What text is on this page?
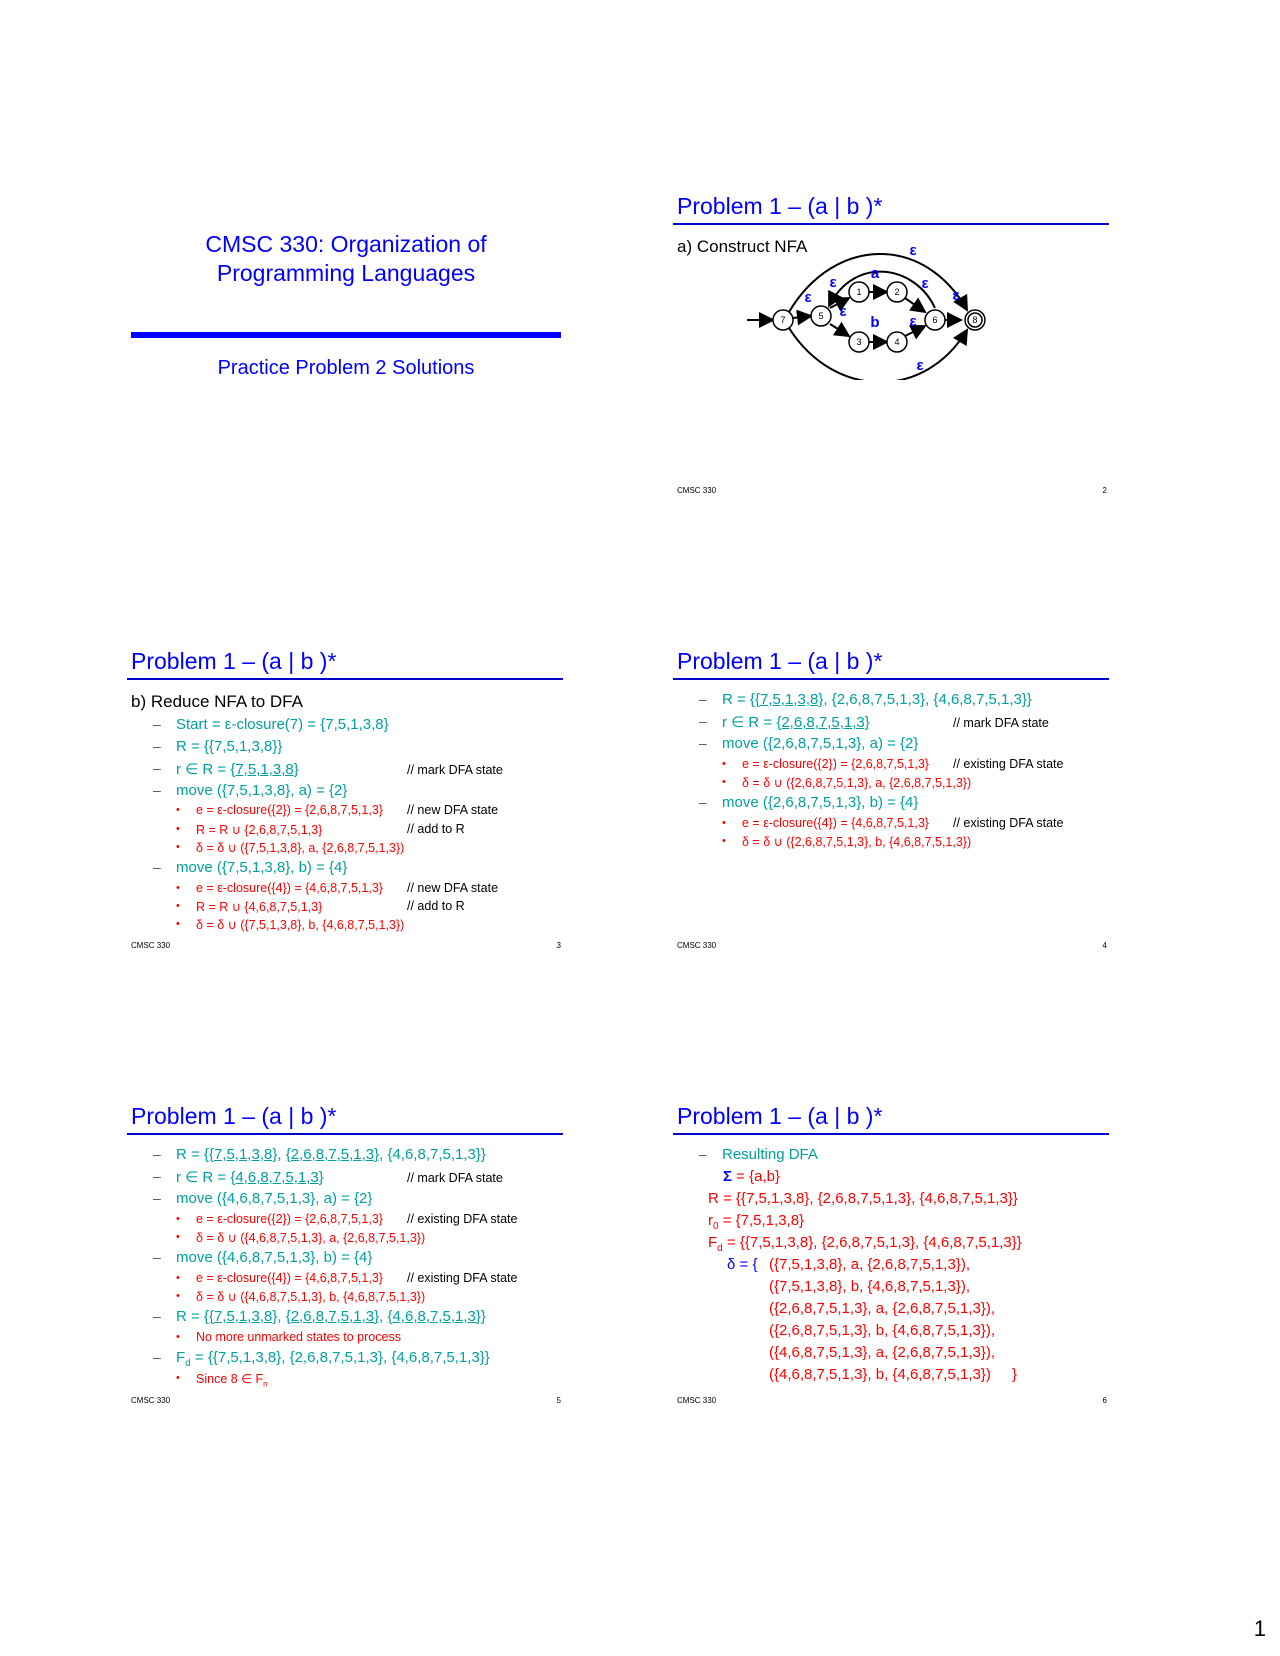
CMSC 330: Organization of
Programming Languages
Practice Problem 2 Solutions
Problem 1 – (a | b )*
a) Construct NFA
7	5
1	2
3	4
6	8
ε
ε
ε
a
ε
ε
ε
b ε
ε
CMSC 330	2
Problem 1 – (a | b )*
b) Reduce NFA to DFA
– Start = ε-closure(7) = {7,5,1,3,8}
– R = {{7,5,1,3,8}}
– r ∈ R = {7,5,1,3,8}	// mark DFA state
– move ({7,5,1,3,8}, a) = {2}
• e = ε-closure({2}) = {2,6,8,7,5,1,3} // new DFA state
• R = R ∪ {2,6,8,7,5,1,3}	// add to R
• δ = δ ∪ ({7,5,1,3,8}, a, {2,6,8,7,5,1,3})
– move ({7,5,1,3,8}, b) = {4}
• e = ε-closure({4}) = {4,6,8,7,5,1,3} // new DFA state
• R = R ∪ {4,6,8,7,5,1,3}	// add to R
• δ = δ ∪ ({7,5,1,3,8}, b, {4,6,8,7,5,1,3})
CMSC 330	3
Problem 1 – (a | b )*
– R = {{7,5,1,3,8}, {2,6,8,7,5,1,3}, {4,6,8,7,5,1,3}}
– r ∈ R = {2,6,8,7,5,1,3}	// mark DFA state
– move ({2,6,8,7,5,1,3}, a) = {2}
• e = ε-closure({2}) = {2,6,8,7,5,1,3} // existing DFA state
• δ = δ ∪ ({2,6,8,7,5,1,3}, a, {2,6,8,7,5,1,3})
– move ({2,6,8,7,5,1,3}, b) = {4}
• e = ε-closure({4}) = {4,6,8,7,5,1,3} // existing DFA state
• δ = δ ∪ ({2,6,8,7,5,1,3}, b, {4,6,8,7,5,1,3})
CMSC 330	4
Problem 1 – (a | b )*
– R = {{7,5,1,3,8}, {2,6,8,7,5,1,3}, {4,6,8,7,5,1,3}}
– r ∈ R = {4,6,8,7,5,1,3}	// mark DFA state
– move ({4,6,8,7,5,1,3}, a) = {2}
• e = ε-closure({2}) = {2,6,8,7,5,1,3} // existing DFA state
• δ = δ ∪ ({4,6,8,7,5,1,3}, a, {2,6,8,7,5,1,3})
– move ({4,6,8,7,5,1,3}, b) = {4}
• e = ε-closure({4}) = {4,6,8,7,5,1,3} // existing DFA state
• δ = δ ∪ ({4,6,8,7,5,1,3}, b, {4,6,8,7,5,1,3})
– R = {{7,5,1,3,8}, {2,6,8,7,5,1,3}, {4,6,8,7,5,1,3}}
• No more unmarked states to process
– $F_d = \{\{7,5,1,3,8\}$, {2,6,8,7,5,1,3}, {4,6,8,7,5,1,3}}
• Since 8 ∈ $F_n$
CMSC 330	5
Problem 1 – (a | b )*
– Resulting DFA
Σ = {a,b}
R = {{7,5,1,3,8}, {2,6,8,7,5,1,3}, {4,6,8,7,5,1,3}}
$r_0 = \{7,5,1,3,8\}$
$F_d = \{\{7,5,1,3,8\}$, {2,6,8,7,5,1,3}, {4,6,8,7,5,1,3}}
δ = { ({7,5,1,3,8}, a, {2,6,8,7,5,1,3}),
({7,5,1,3,8}, b, {4,6,8,7,5,1,3}),
({2,6,8,7,5,1,3}, a, {2,6,8,7,5,1,3}),
({2,6,8,7,5,1,3}, b, {4,6,8,7,5,1,3}),
({4,6,8,7,5,1,3}, a, {2,6,8,7,5,1,3}),
({4,6,8,7,5,1,3}, b, {4,6,8,7,5,1,3}) }
CMSC 330	6
1
